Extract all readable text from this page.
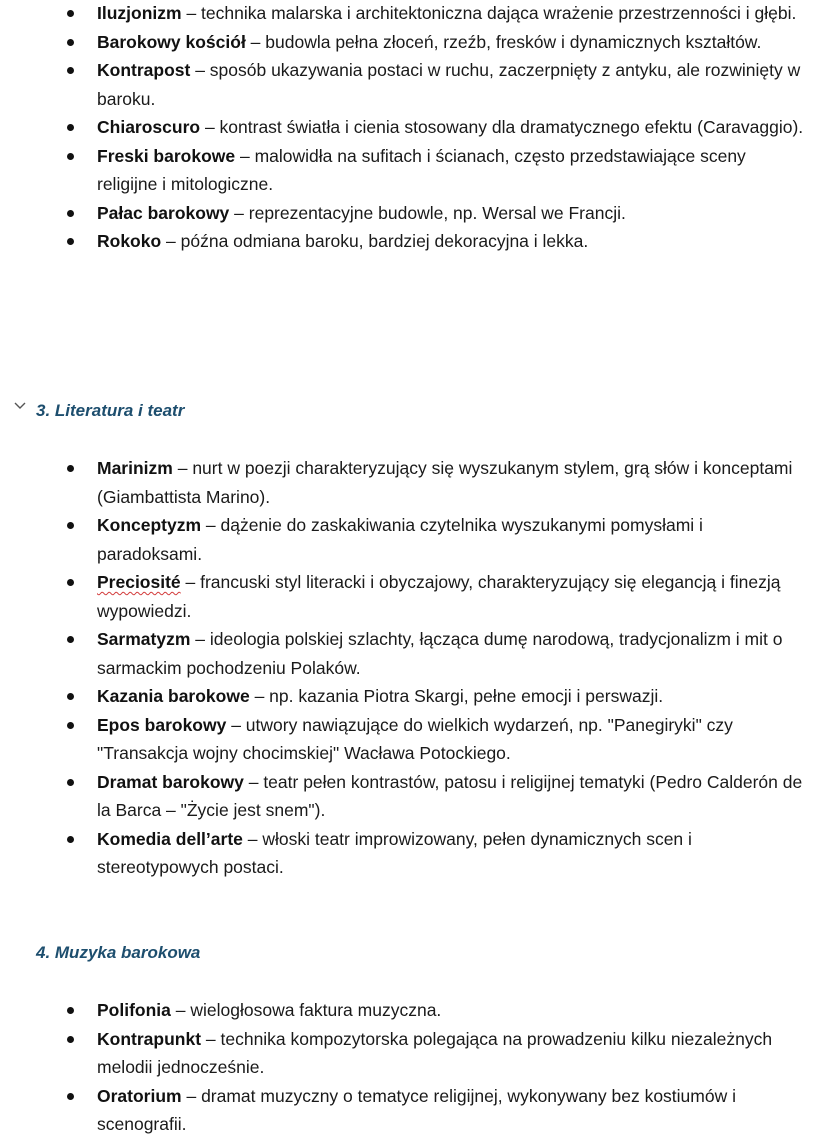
Iluzjonizm – technika malarska i architektoniczna dająca wrażenie przestrzenności i głębi.
Barokowy kościół – budowla pełna złoceń, rzeźb, fresków i dynamicznych kształtów.
Kontrapost – sposób ukazywania postaci w ruchu, zaczerpnięty z antyku, ale rozwinięty w baroku.
Chiaroscuro – kontrast światła i cienia stosowany dla dramatycznego efektu (Caravaggio).
Freski barokowe – malowidła na sufitach i ścianach, często przedstawiające sceny religijne i mitologiczne.
Pałac barokowy – reprezentacyjne budowle, np. Wersal we Francji.
Rokoko – późna odmiana baroku, bardziej dekoracyjna i lekka.
3. Literatura i teatr
Marinizm – nurt w poezji charakteryzujący się wyszukanym stylem, grą słów i konceptami (Giambattista Marino).
Konceptyzm – dążenie do zaskakiwania czytelnika wyszukanymi pomysłami i paradoksami.
Preciosité – francuski styl literacki i obyczajowy, charakteryzujący się elegancją i finezją wypowiedzi.
Sarmatyzm – ideologia polskiej szlachty, łącząca dumę narodową, tradycjonalizm i mit o sarmackim pochodzeniu Polaków.
Kazania barokowe – np. kazania Piotra Skargi, pełne emocji i perswazji.
Epos barokowy – utwory nawiązujące do wielkich wydarzeń, np. "Panegiryki" czy "Transakcja wojny chocimskiej" Wacława Potockiego.
Dramat barokowy – teatr pełen kontrastów, patosu i religijnej tematyki (Pedro Calderón de la Barca – "Życie jest snem").
Komedia dell’arte – włoski teatr improwizowany, pełen dynamicznych scen i stereotypowych postaci.
4. Muzyka barokowa
Polifonia – wielogłosowa faktura muzyczna.
Kontrapunkt – technika kompozytorska polegająca na prowadzeniu kilku niezależnych melodii jednocześnie.
Oratorium – dramat muzyczny o tematyce religijnej, wykonywany bez kostiumów i scenografii.
